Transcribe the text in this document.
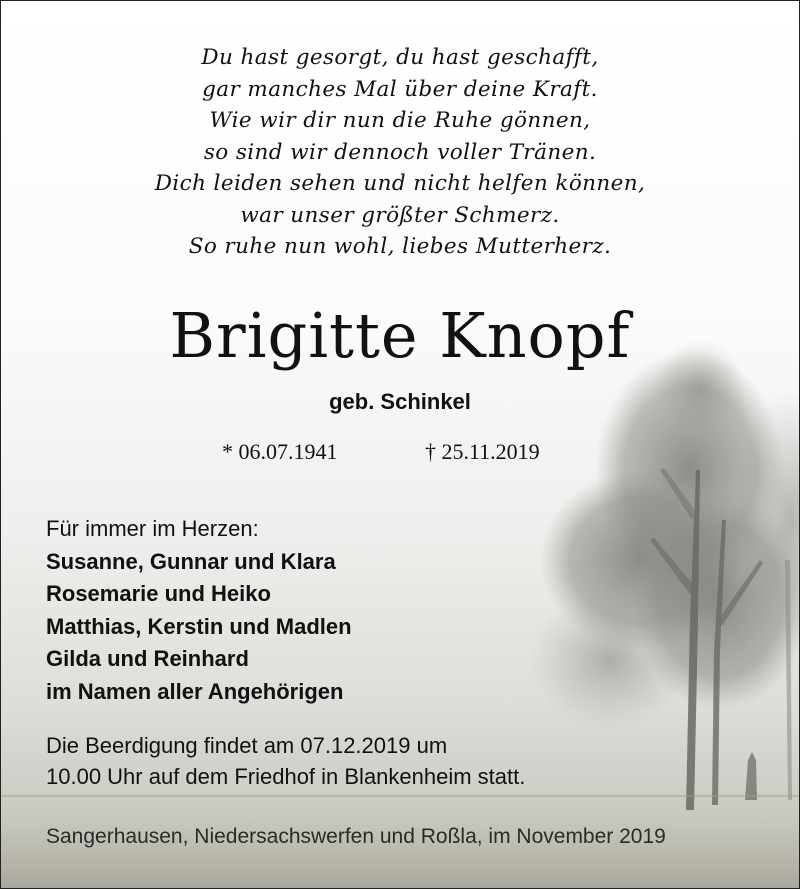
Du hast gesorgt, du hast geschafft,
gar manches Mal über deine Kraft.
Wie wir dir nun die Ruhe gönnen,
so sind wir dennoch voller Tränen.
Dich leiden sehen und nicht helfen können,
war unser größter Schmerz.
So ruhe nun wohl, liebes Mutterherz.
Brigitte Knopf
geb. Schinkel
* 06.07.1941	† 25.11.2019
Für immer im Herzen:
Susanne, Gunnar und Klara
Rosemarie und Heiko
Matthias, Kerstin und Madlen
Gilda und Reinhard
im Namen aller Angehörigen
Die Beerdigung findet am 07.12.2019 um
10.00 Uhr auf dem Friedhof in Blankenheim statt.
Sangerhausen, Niedersachswerfen und Roßla, im November 2019
